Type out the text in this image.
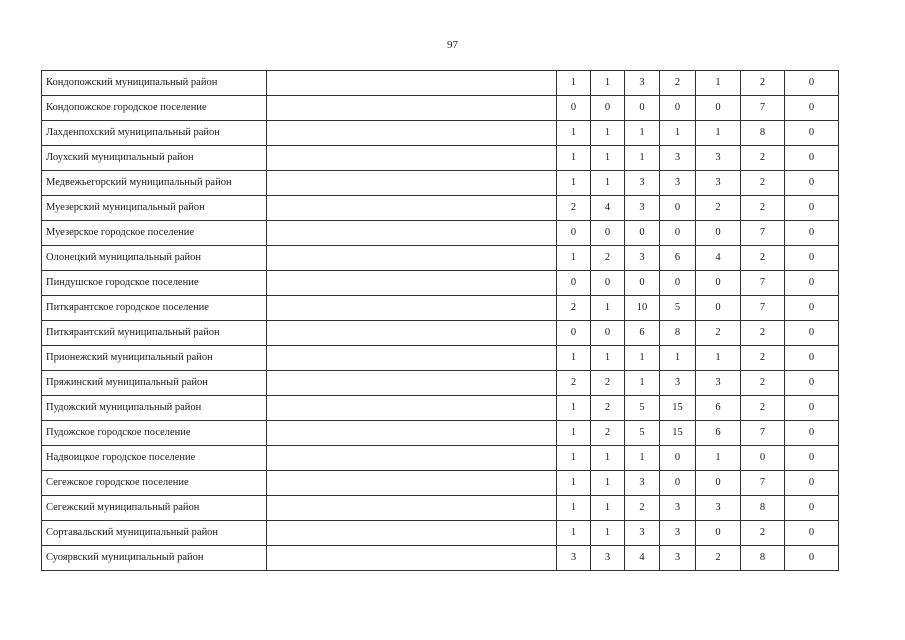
97
Кондопожский муниципальный район		1	1	3	2	1	2	0
Кондопожское городское поселение		0	0	0	0	0	7	0
Лахденпохский муниципальный район		1	1	1	1	1	8	0
Лоухский муниципальный район		1	1	1	3	3	2	0
Медвежьегорский муниципальный район		1	1	3	3	3	2	0
Муезерский муниципальный район		2	4	3	0	2	2	0
Муезерское городское поселение		0	0	0	0	0	7	0
Олонецкий муниципальный район		1	2	3	6	4	2	0
Пиндушское городское поселение		0	0	0	0	0	7	0
Питкярантское городское поселение		2	1	10	5	0	7	0
Питкярантский муниципальный район		0	0	6	8	2	2	0
Прионежский муниципальный район		1	1	1	1	1	2	0
Пряжинский муниципальный район		2	2	1	3	3	2	0
Пудожский муниципальный район		1	2	5	15	6	2	0
Пудожское городское поселение		1	2	5	15	6	7	0
Надвоицкое городское поселение		1	1	1	0	1	0	0
Сегежское городское поселение		1	1	3	0	0	7	0
Сегежский муниципальный район		1	1	2	3	3	8	0
Сортавальский муниципальный район		1	1	3	3	0	2	0
Суоярвский муниципальный район		3	3	4	3	2	8	0
